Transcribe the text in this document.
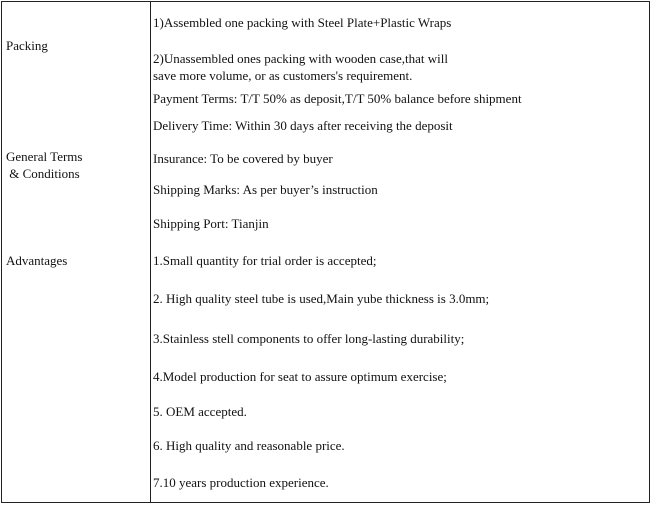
Packing
General Terms
& Conditions
Advantages
1)Assembled one packing with Steel Plate+Plastic Wraps
2)Unassembled ones packing with wooden case,that will
save more volume, or as customers's requirement.
Payment Terms: T/T 50% as deposit,T/T 50% balance before shipment
Delivery Time: Within 30 days after receiving the deposit
Insurance: To be covered by buyer
Shipping Marks: As per buyer’s instruction
Shipping Port: Tianjin
1.Small quantity for trial order is accepted;
2. High quality steel tube is used,Main yube thickness is 3.0mm;
3.Stainless stell components to offer long-lasting durability;
4.Model production for seat to assure optimum exercise;
5. OEM accepted.
6. High quality and reasonable price.
7.10 years production experience.
